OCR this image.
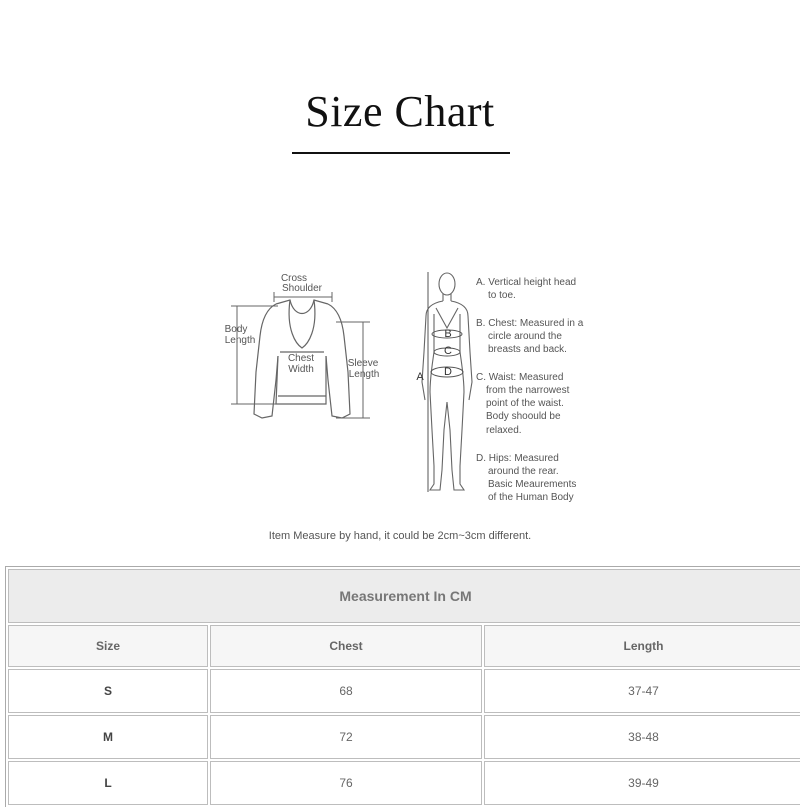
Size Chart
Cross
Shoulder
Body
Length
Chest
Width
Sleeve
Length
B
C
D
A
A. Vertical height head
to toe.
B. Chest: Measured in a
circle around the
breasts and back.
C. Waist: Measured
from the narrowest
point of the waist.
Body shoould be
relaxed.
D. Hips: Measured
around the rear.
Basic Meaurements
of the Human Body
Item Measure by hand, it could be 2cm~3cm different.
Measurement In CM		
Size	Chest	Length
S	68	37-47
M	72	38-48
L	76	39-49
